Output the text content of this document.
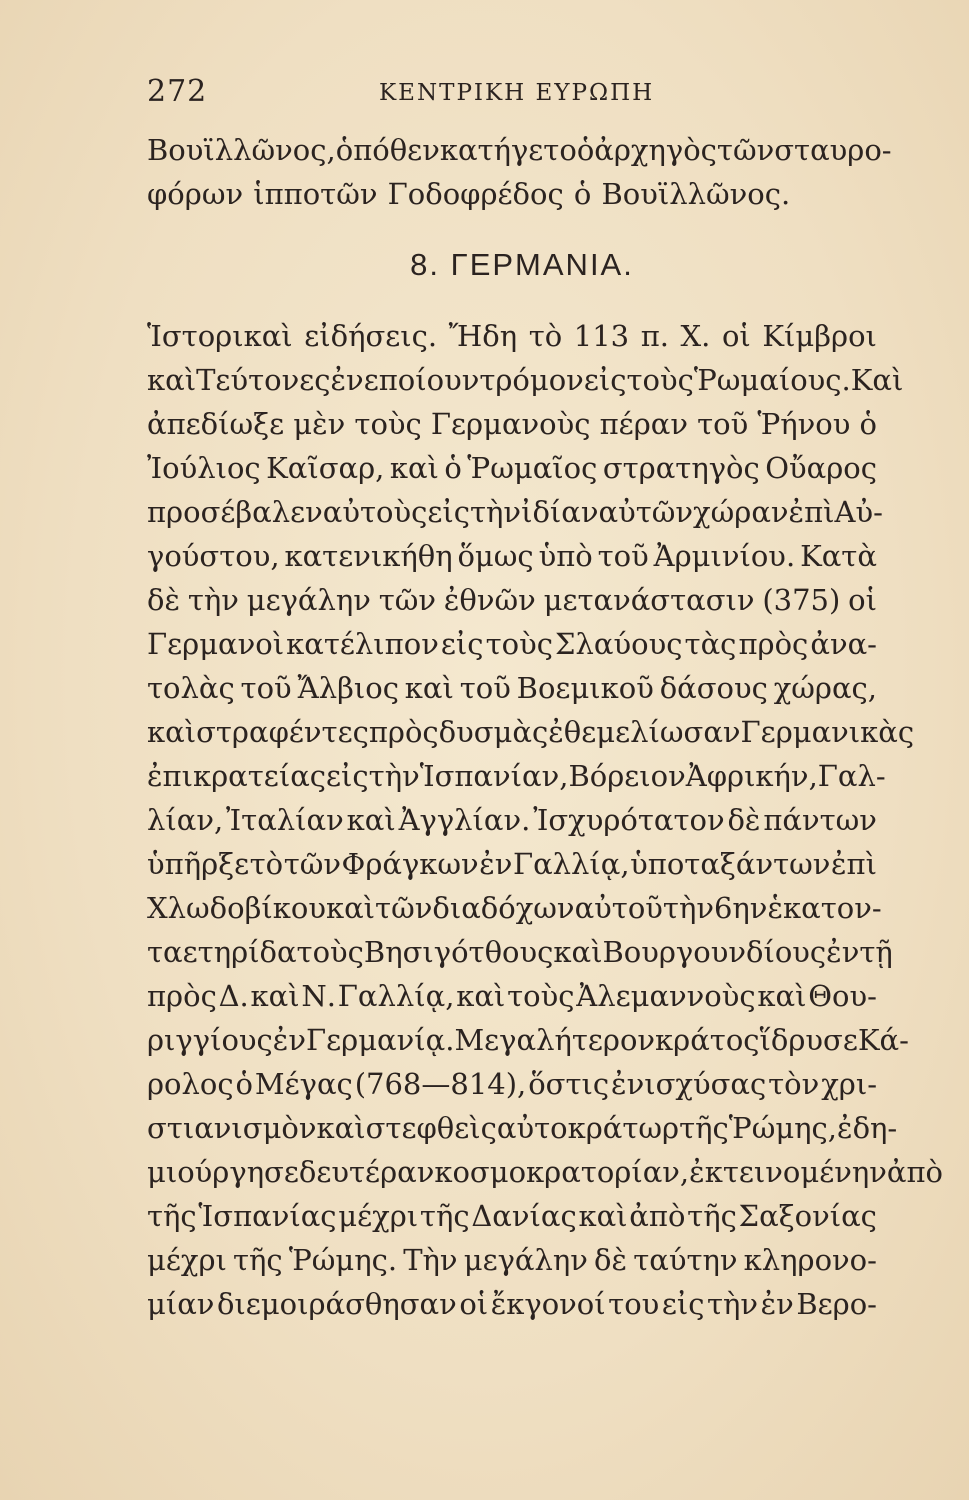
272	ΚΕΝΤΡΙΚΗ ΕΥΡΩΠΗ
Βουϊλλῶνος, ὁπόθεν κατήγετο ὁ ἀρχηγὸς τῶν σταυρο-
φόρων ἱπποτῶν Γοδοφρέδος ὁ Βουϊλλῶνος.
8. ΓΕΡΜΑΝΙΑ.
Ἱστορικαὶ εἰδήσεις. Ἤδη τὸ 113 π. Χ. οἱ Κίμβροι
καὶ Τεύτονες ἐνεποίουν τρόμον εἰς τοὺς Ῥωμαίους. Καὶ
ἀπεδίωξε μὲν τοὺς Γερμανοὺς πέραν τοῦ Ῥήνου ὁ
Ἰούλιος Καῖσαρ, καὶ ὁ Ῥωμαῖος στρατηγὸς Οὔαρος
προσέβαλεν αὐτοὺς εἰς τὴν ἰδίαν αὐτῶν χώραν ἐπὶ Αὐ-
γούστου, κατενικήθη ὅμως ὑπὸ τοῦ Ἀρμινίου. Κατὰ
δὲ τὴν μεγάλην τῶν ἐθνῶν μετανάστασιν (375) οἱ
Γερμανοὶ κατέλιπον εἰς τοὺς Σλαύους τὰς πρὸς ἀνα-
τολὰς τοῦ Ἄλβιος καὶ τοῦ Βοεμικοῦ δάσους χώρας,
καὶ στραφέντες πρὸς δυσμὰς ἐθεμελίωσαν Γερμανικὰς
ἐπικρατείας εἰς τὴν Ἱσπανίαν, Βόρειον Ἀφρικήν, Γαλ-
λίαν, Ἰταλίαν καὶ Ἀγγλίαν. Ἰσχυρότατον δὲ πάντων
ὑπῆρξε τὸ τῶν Φράγκων ἐν Γαλλίᾳ, ὑποταξάντων ἐπὶ
Χλωδοβίκου καὶ τῶν διαδόχων αὐτοῦ τὴν 6ην ἑκατον-
ταετηρίδα τοὺς Βησιγότθους καὶ Βουργουνδίους ἐν τῇ
πρὸς Δ. καὶ Ν. Γαλλίᾳ, καὶ τοὺς Ἀλεμαννοὺς καὶ Θου-
ριγγίους ἐν Γερμανίᾳ. Μεγαλήτερον κράτος ἵδρυσε Κά-
ρολος ὁ Μέγας (768—814), ὅστις ἐνισχύσας τὸν χρι-
στιανισμὸν καὶ στεφθεὶς αὐτοκράτωρ τῆς Ῥώμης, ἐδη-
μιούργησε δευτέραν κοσμοκρατορίαν, ἐκτεινομένην ἀπὸ
τῆς Ἱσπανίας μέχρι τῆς Δανίας καὶ ἀπὸ τῆς Σαξονίας
μέχρι τῆς Ῥώμης. Τὴν μεγάλην δὲ ταύτην κληρονο-
μίαν διεμοιράσθησαν οἱ ἔκγονοί του εἰς τὴν ἐν Βερο-
